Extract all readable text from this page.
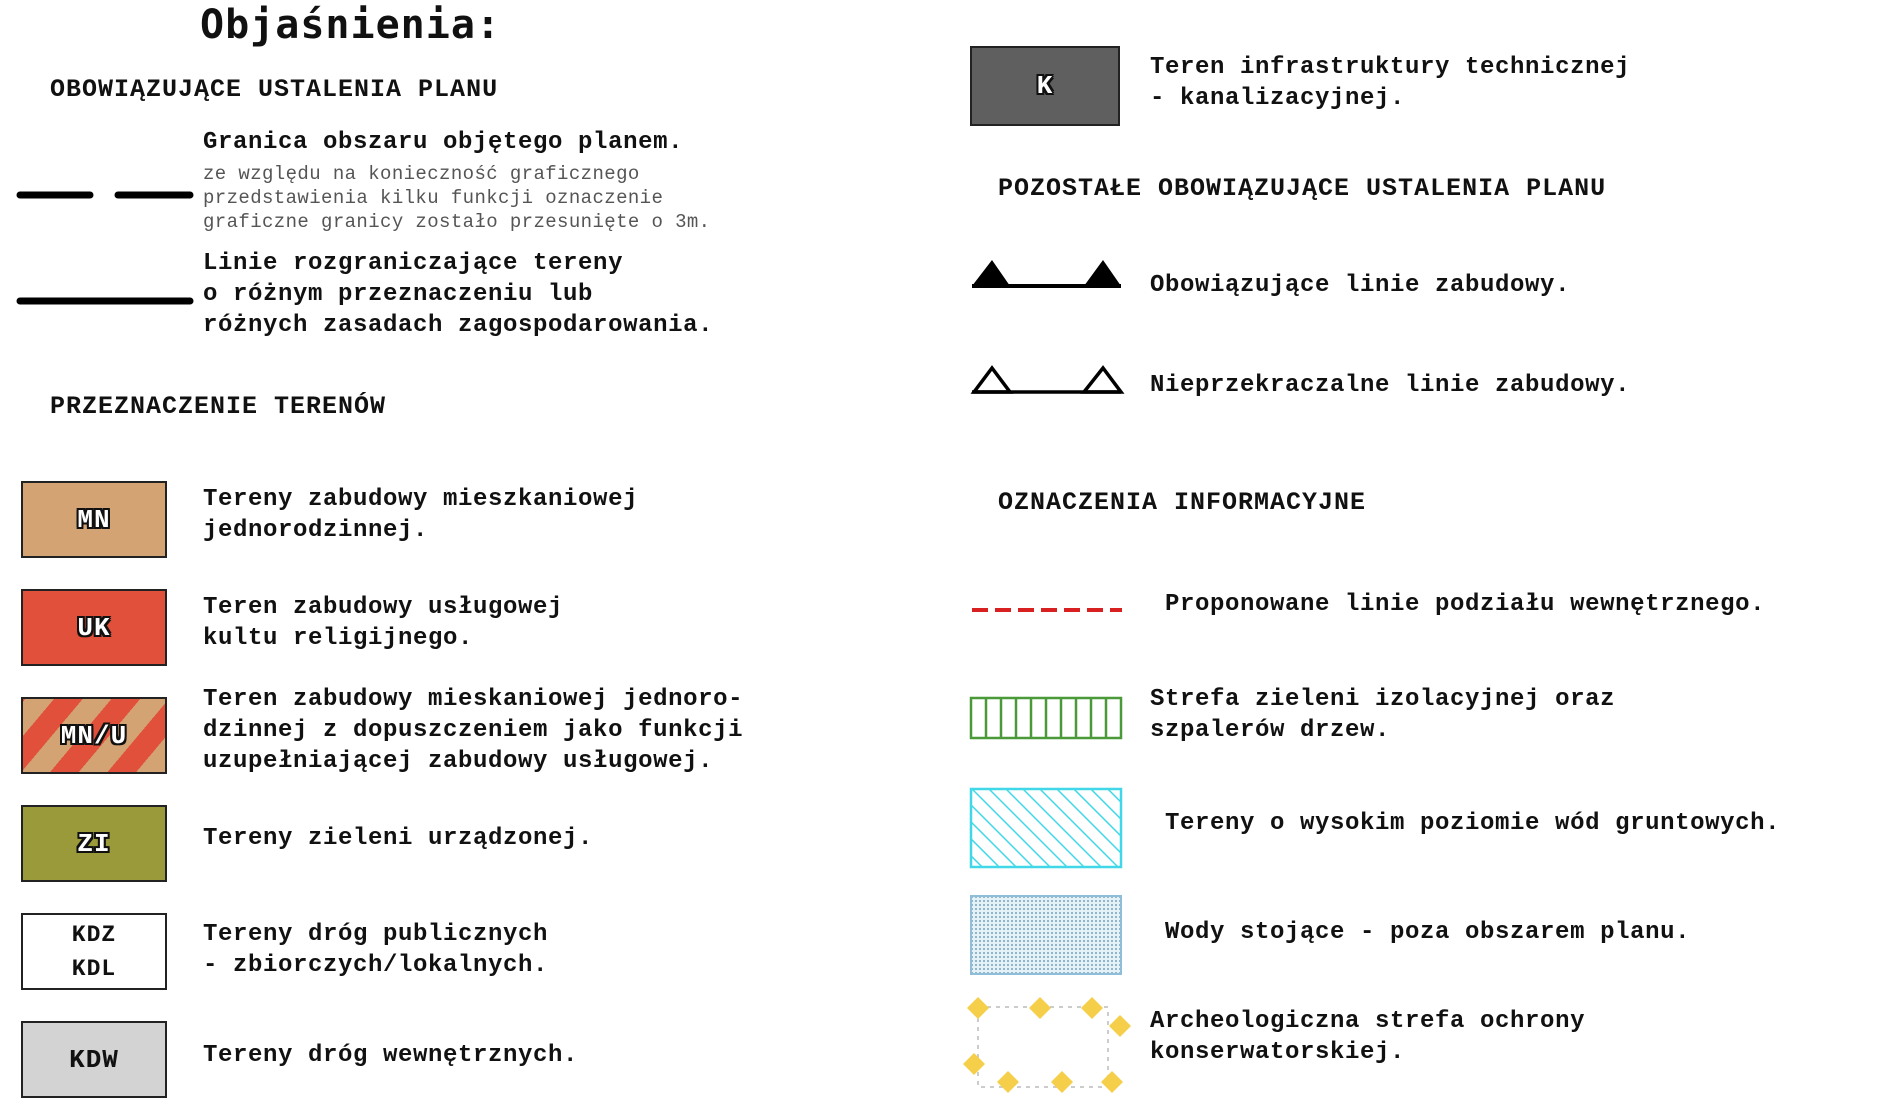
Objaśnienia:
OBOWIĄZUJĄCE USTALENIA PLANU
Granica obszaru objętego planem.
ze względu na konieczność graficznego
przedstawienia kilku funkcji oznaczenie
graficzne granicy zostało przesunięte o 3m.
Linie rozgraniczające tereny
o różnym przeznaczeniu lub
różnych zasadach zagospodarowania.
PRZEZNACZENIE TERENÓW
MN
Tereny zabudowy mieszkaniowej
jednorodzinnej.
UK
Teren zabudowy usługowej
kultu religijnego.
MN/U
Teren zabudowy mieskaniowej jednoro-
dzinnej z dopuszczeniem jako funkcji
uzupełniającej zabudowy usługowej.
ZI	Tereny zieleni urządzonej.
KDZ
KDL
Tereny dróg publicznych
- zbiorczych/lokalnych.
KDW	Tereny dróg wewnętrznych.
K
Teren infrastruktury technicznej
- kanalizacyjnej.
POZOSTAŁE OBOWIĄZUJĄCE USTALENIA PLANU
Obowiązujące linie zabudowy.
Nieprzekraczalne linie zabudowy.
OZNACZENIA INFORMACYJNE
Proponowane linie podziału wewnętrznego.
Strefa zieleni izolacyjnej oraz
szpalerów drzew.
Tereny o wysokim poziomie wód gruntowych.
Wody stojące - poza obszarem planu.
Archeologiczna strefa ochrony
konserwatorskiej.
